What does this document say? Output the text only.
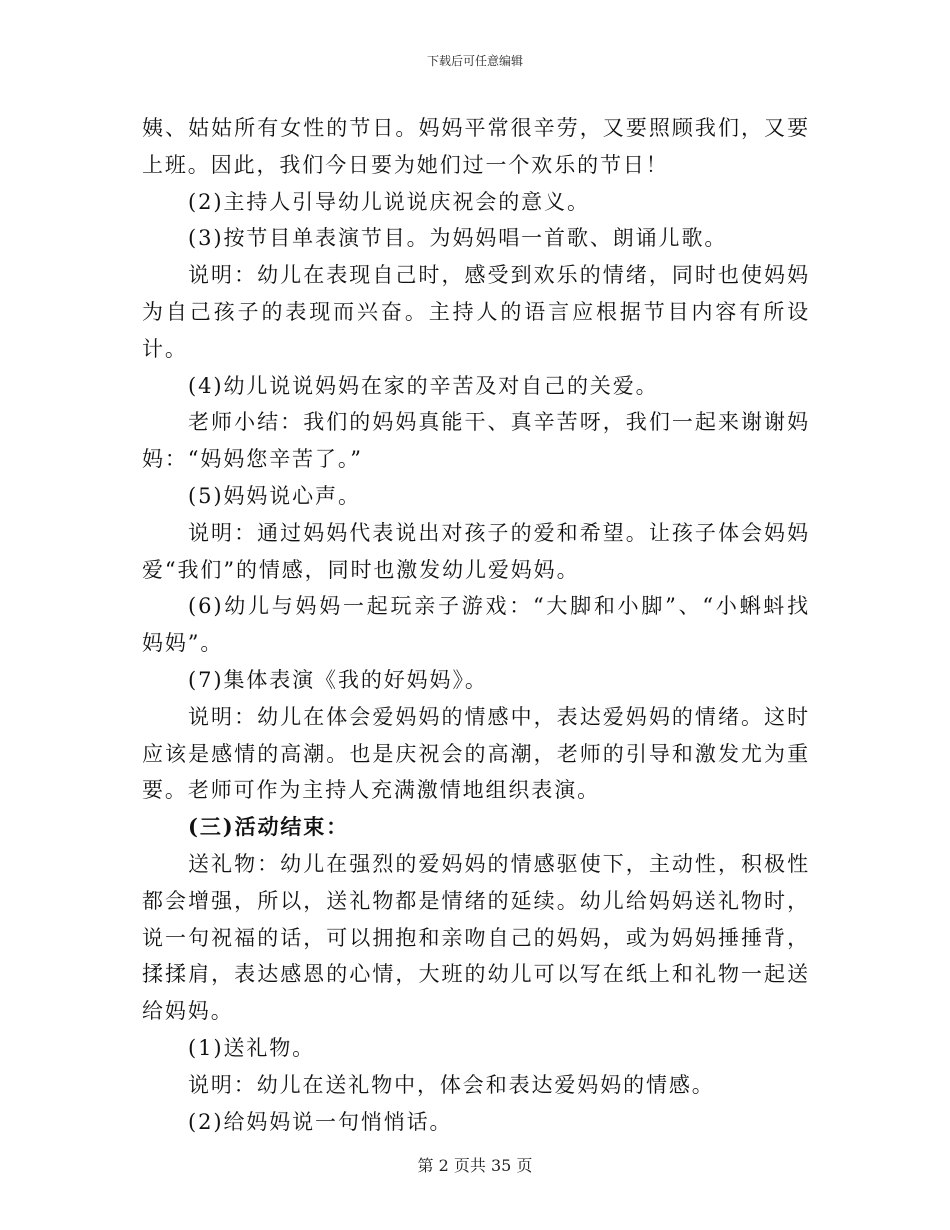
下载后可任意编辑

姨、姑姑所有女性的节日。妈妈平常很辛劳，又要照顾我们，又要上班。因此，我们今日要为她们过一个欢乐的节日！

(2)主持人引导幼儿说说庆祝会的意义。

(3)按节目单表演节目。为妈妈唱一首歌、朗诵儿歌。

说明：幼儿在表现自己时，感受到欢乐的情绪，同时也使妈妈为自己孩子的表现而兴奋。主持人的语言应根据节目内容有所设计。

(4)幼儿说说妈妈在家的辛苦及对自己的关爱。

老师小结：我们的妈妈真能干、真辛苦呀，我们一起来谢谢妈妈：“妈妈您辛苦了。”

(5)妈妈说心声。

说明：通过妈妈代表说出对孩子的爱和希望。让孩子体会妈妈爱“我们”的情感，同时也激发幼儿爱妈妈。

(6)幼儿与妈妈一起玩亲子游戏：“大脚和小脚”、“小蝌蚪找妈妈”。

(7)集体表演《我的好妈妈》。

说明：幼儿在体会爱妈妈的情感中，表达爱妈妈的情绪。这时应该是感情的高潮。也是庆祝会的高潮，老师的引导和激发尤为重要。老师可作为主持人充满激情地组织表演。

(三)活动结束：

送礼物：幼儿在强烈的爱妈妈的情感驱使下，主动性，积极性都会增强，所以，送礼物都是情绪的延续。幼儿给妈妈送礼物时，说一句祝福的话，可以拥抱和亲吻自己的妈妈，或为妈妈捶捶背，揉揉肩，表达感恩的心情，大班的幼儿可以写在纸上和礼物一起送给妈妈。

(1)送礼物。

说明：幼儿在送礼物中，体会和表达爱妈妈的情感。

(2)给妈妈说一句悄悄话。

第 2 页共 35 页
